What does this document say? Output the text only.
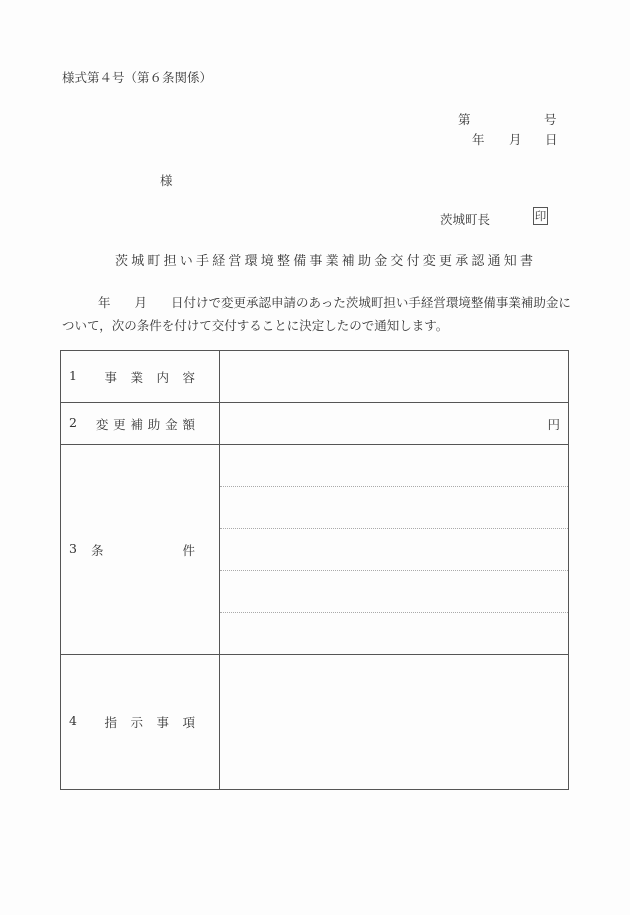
様式第４号（第６条関係）
第	号
年 月 日
様
茨城町長	印
茨城町担い手経営環境整備事業補助金交付変更承認通知書
年 月 日付けで変更承認申請のあった茨城町担い手経営環境整備事業補助金について，次の条件を付けて交付することに決定したので通知します。
1 事 業 内 容	

2	変 更 補 助 金 額	円

3 条 件	

4 指 示 事 項	
